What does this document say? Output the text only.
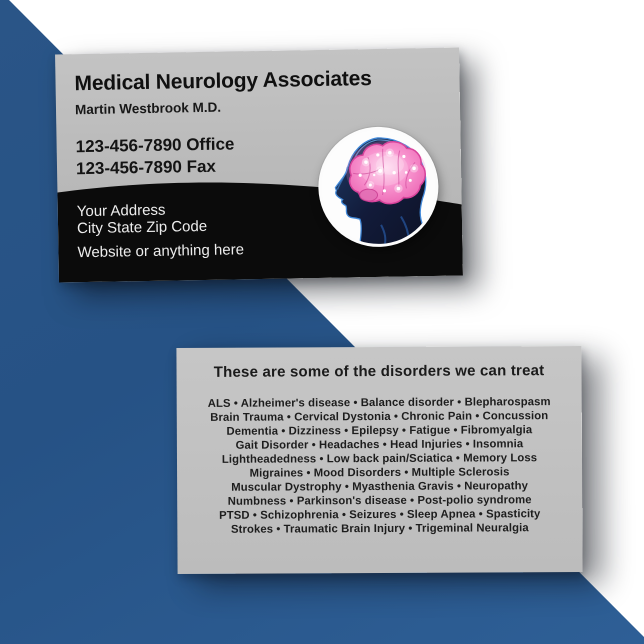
Medical Neurology Associates
Martin Westbrook M.D.
123-456-7890 Office
123-456-7890 Fax
Your Address
City State Zip Code
Website or anything here
These are some of the disorders we can treat
ALS • Alzheimer's disease • Balance disorder • Blepharospasm
Brain Trauma • Cervical Dystonia • Chronic Pain • Concussion
Dementia • Dizziness • Epilepsy • Fatigue • Fibromyalgia
Gait Disorder • Headaches • Head Injuries • Insomnia
Lightheadedness • Low back pain/Sciatica • Memory Loss
Migraines • Mood Disorders • Multiple Sclerosis
Muscular Dystrophy • Myasthenia Gravis • Neuropathy
Numbness • Parkinson's disease • Post-polio syndrome
PTSD • Schizophrenia • Seizures • Sleep Apnea • Spasticity
Strokes • Traumatic Brain Injury • Trigeminal Neuralgia
